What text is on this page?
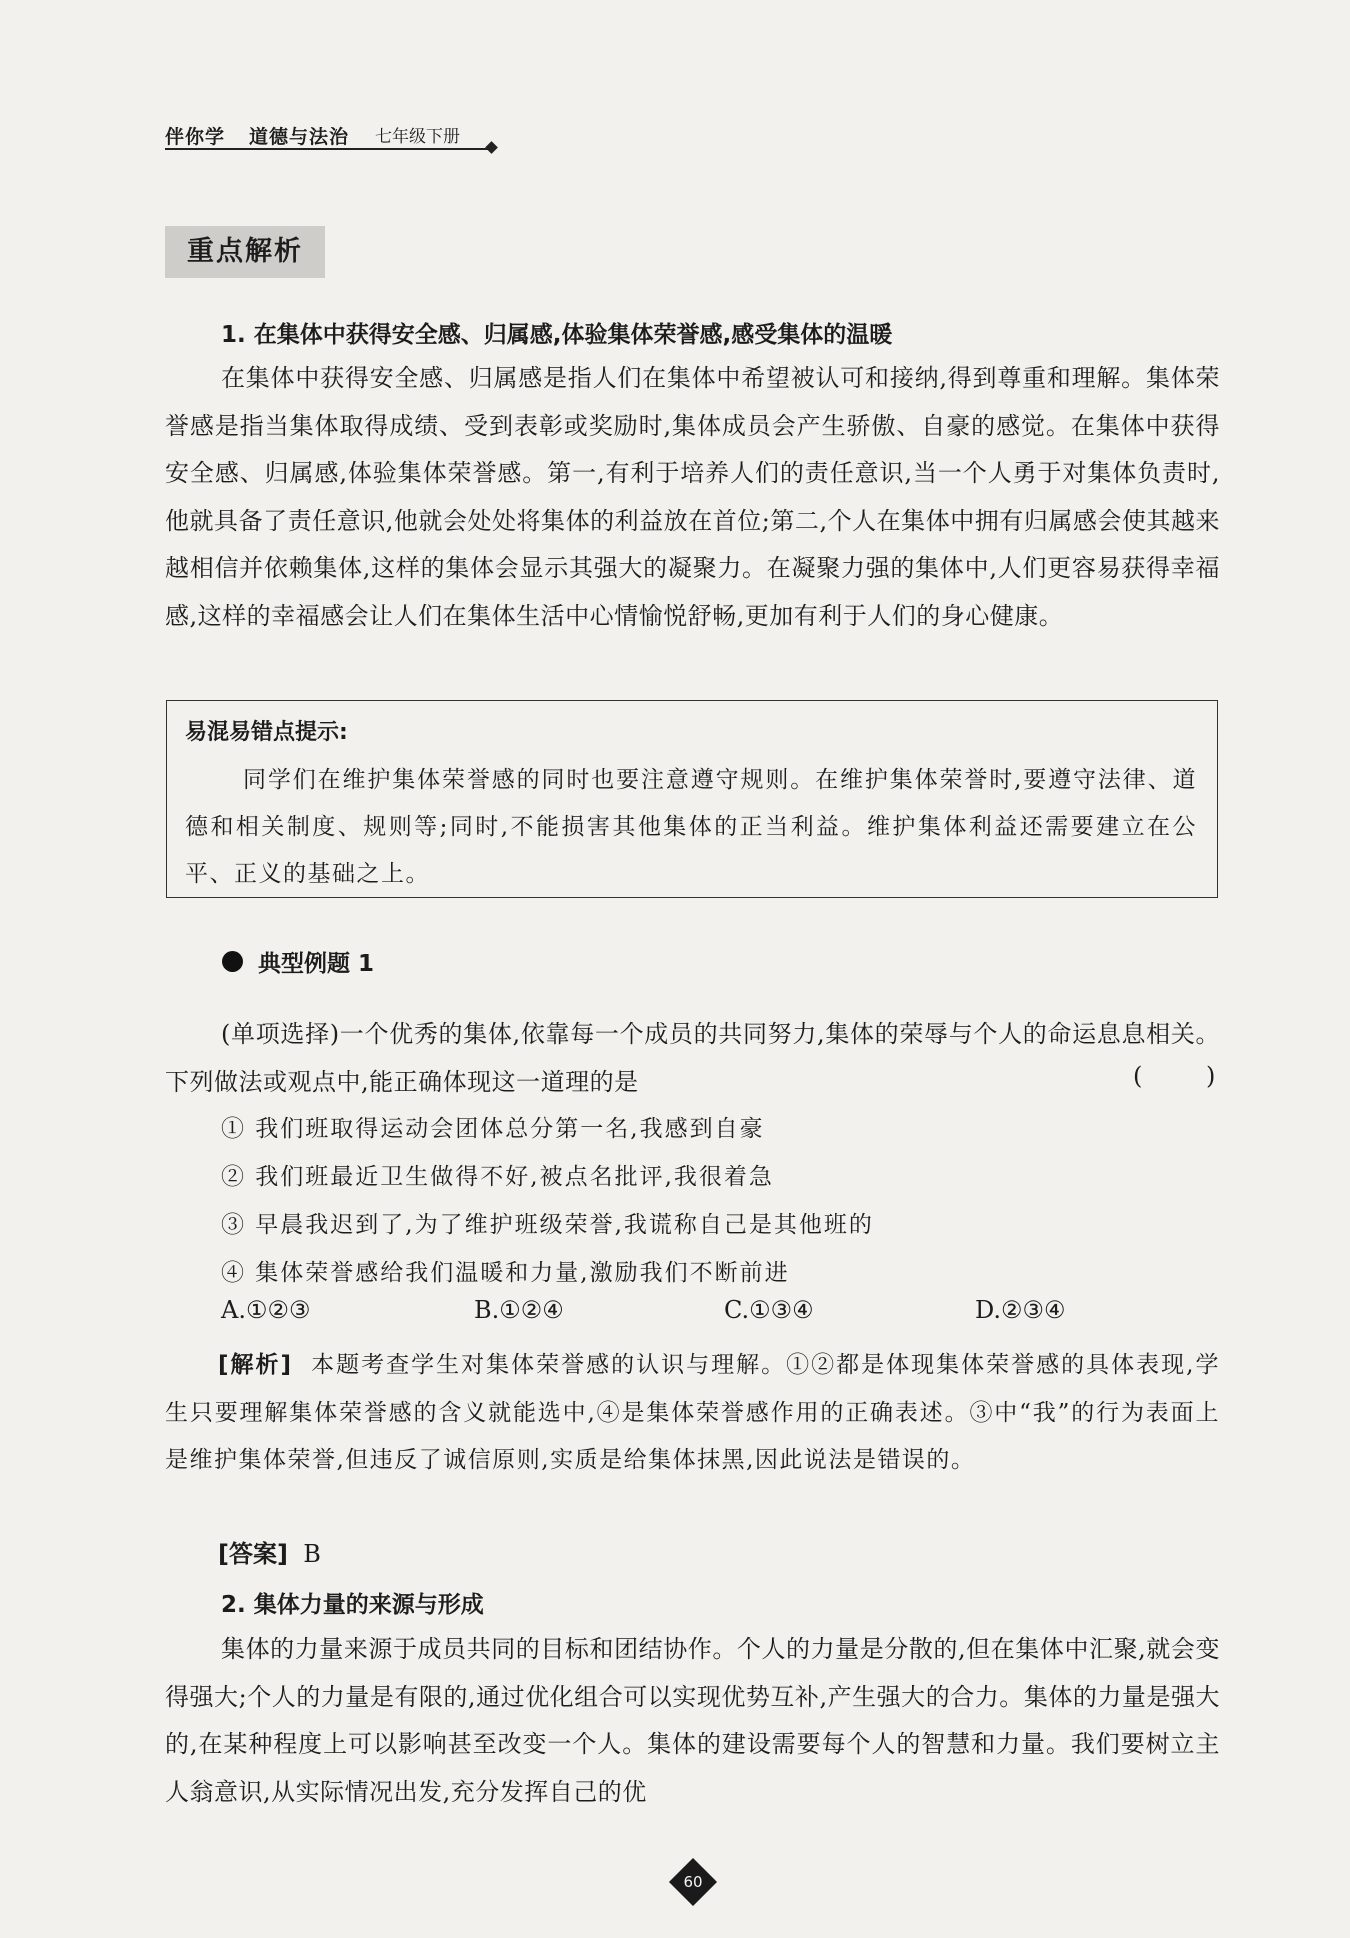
伴你学 道德与法治 七年级下册
重点解析
1. 在集体中获得安全感、归属感,体验集体荣誉感,感受集体的温暖
在集体中获得安全感、归属感是指人们在集体中希望被认可和接纳,得到尊重和理解。集体荣誉感是指当集体取得成绩、受到表彰或奖励时,集体成员会产生骄傲、自豪的感觉。在集体中获得安全感、归属感,体验集体荣誉感。第一,有利于培养人们的责任意识,当一个人勇于对集体负责时,他就具备了责任意识,他就会处处将集体的利益放在首位;第二,个人在集体中拥有归属感会使其越来越相信并依赖集体,这样的集体会显示其强大的凝聚力。在凝聚力强的集体中,人们更容易获得幸福感,这样的幸福感会让人们在集体生活中心情愉悦舒畅,更加有利于人们的身心健康。
易混易错点提示:
同学们在维护集体荣誉感的同时也要注意遵守规则。在维护集体荣誉时,要遵守法律、道德和相关制度、规则等;同时,不能损害其他集体的正当利益。维护集体利益还需要建立在公平、正义的基础之上。
典型例题 1
(单项选择)一个优秀的集体,依靠每一个成员的共同努力,集体的荣辱与个人的命运息息相关。下列做法或观点中,能正确体现这一道理的是	( )
① 我们班取得运动会团体总分第一名,我感到自豪
② 我们班最近卫生做得不好,被点名批评,我很着急
③ 早晨我迟到了,为了维护班级荣誉,我谎称自己是其他班的
④ 集体荣誉感给我们温暖和力量,激励我们不断前进
A.①②③	B.①②④	C.①③④	D.②③④
[解析] 本题考查学生对集体荣誉感的认识与理解。①②都是体现集体荣誉感的具体表现,学生只要理解集体荣誉感的含义就能选中,④是集体荣誉感作用的正确表述。③中“我”的行为表面上是维护集体荣誉,但违反了诚信原则,实质是给集体抹黑,因此说法是错误的。
[答案] B
2. 集体力量的来源与形成
集体的力量来源于成员共同的目标和团结协作。个人的力量是分散的,但在集体中汇聚,就会变得强大;个人的力量是有限的,通过优化组合可以实现优势互补,产生强大的合力。集体的力量是强大的,在某种程度上可以影响甚至改变一个人。集体的建设需要每个人的智慧和力量。我们要树立主人翁意识,从实际情况出发,充分发挥自己的优
60
